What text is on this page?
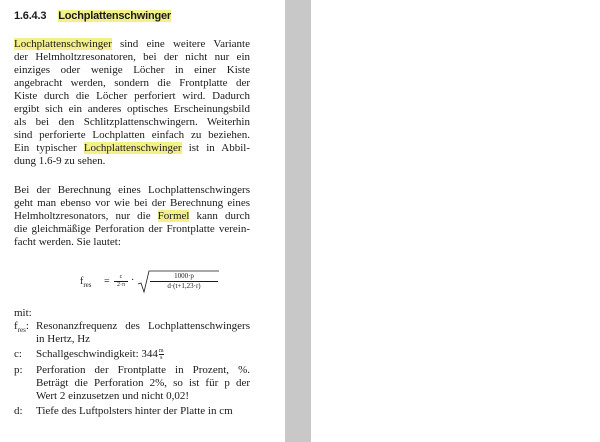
1.6.4.3 Lochplattenschwinger
Lochplattenschwinger sind eine weitere Variante
der Helmholtzresonatoren, bei der nicht nur ein
einziges oder wenige Löcher in einer Kiste
angebracht werden, sondern die Frontplatte der
Kiste durch die Löcher perforiert wird. Dadurch
ergibt sich ein anderes optisches Erscheinungsbild
als bei den Schlitzplattenschwingern. Weiterhin
sind perforierte Lochplatten einfach zu beziehen.
Ein typischer Lochplattenschwinger ist in Abbil-
dung 1.6-9 zu sehen.
Bei der Berechnung eines Lochplattenschwingers
geht man ebenso vor wie bei der Berechnung eines
Helmholtzresonators, nur die Formel kann durch
die gleichmäßige Perforation der Frontplatte verein-
facht werden. Sie lautet:
$f_{res} = \frac{c}{2\cdot\pi} \cdot \frac{1000\cdot p}{d\cdot(t+1,23\cdot r)}$
mit:
$f_{res}$: Resonanzfrequenz des Lochplattenschwingers
in Hertz, Hz
c: Schallgeschwindigkeit: $344 \frac{m}{s}$
p: Perforation der Frontplatte in Prozent, %.
Beträgt die Perforation 2%, so ist für p der
Wert 2 einzusetzen und nicht 0,02!
d: Tiefe des Luftpolsters hinter der Platte in cm
